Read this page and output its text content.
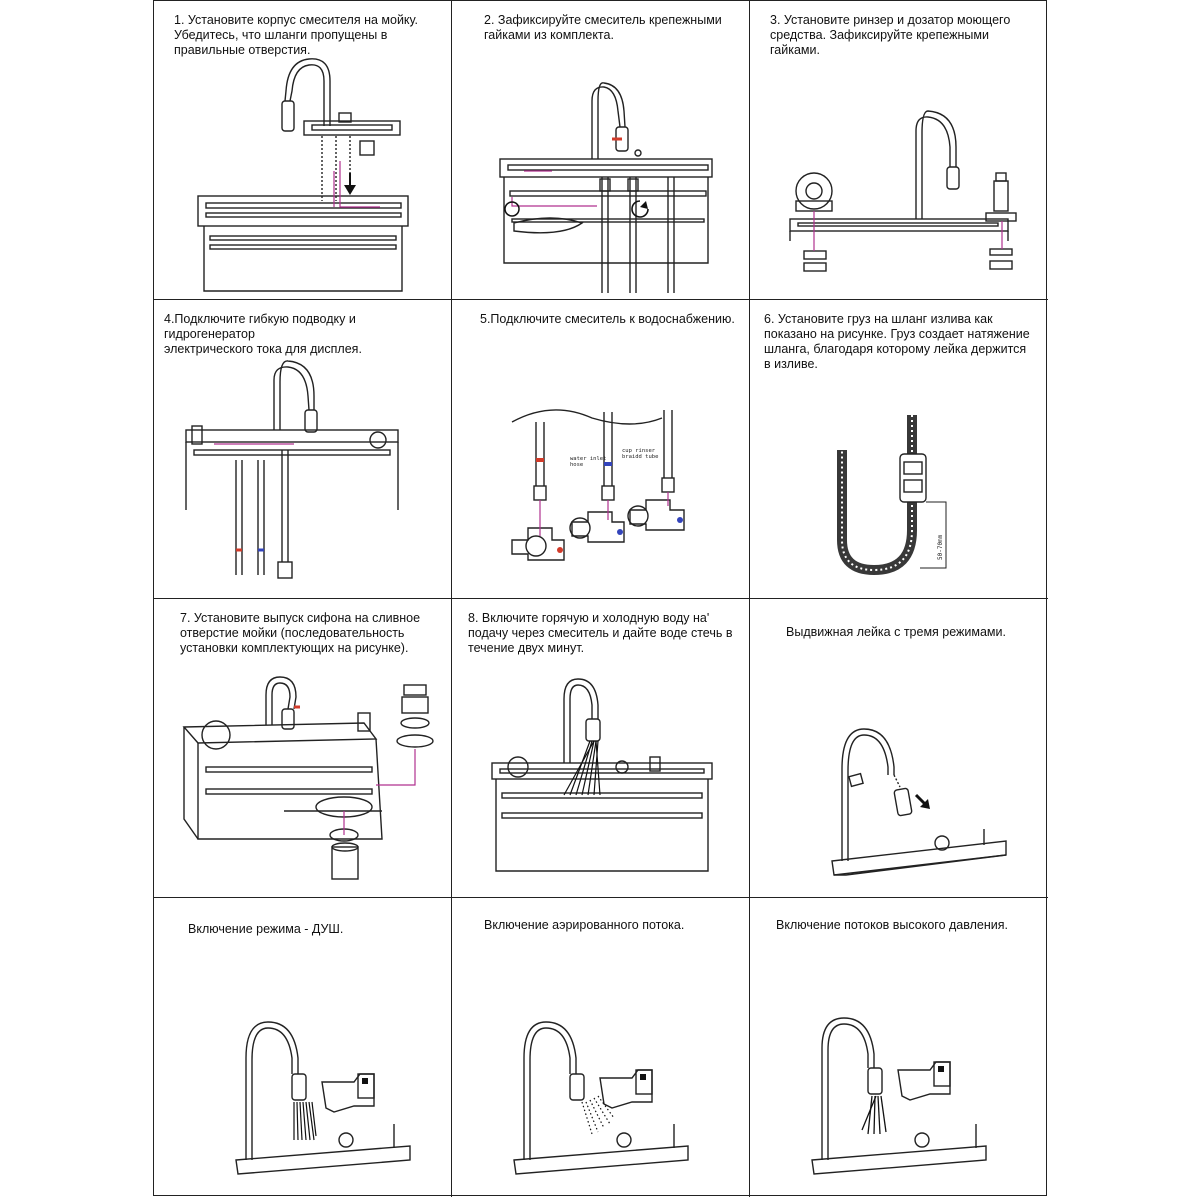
1. Установите корпус смесителя на мойку.
Убедитесь, что шланги пропущены в
правильные отверстия.
2. Зафиксируйте смеситель крепежными
гайками из комплекта.
3. Установите ринзер и дозатор моющего
средства. Зафиксируйте крепежными гайками.
4.Подключите гибкую подводку и гидрогенератор
электрического тока для дисплея.
5.Подключите смеситель к водоснабжению.
water inlet hose
cup rinser braidd tube
6. Установите груз на шланг излива как
показано на рисунке. Груз создает натяжение
шланга, благодаря которому лейка держится
в изливе.
50-70mm
7. Установите выпуск сифона на сливное
отверстие мойки (последовательность
установки комплектующих на рисунке).
8. Включите горячую и холодную воду на'
подачу через смеситель и дайте воде стечь в
течение двух минут.
Выдвижная лейка с тремя режимами.
Включение режима - ДУШ.	Включение аэрированного потока.	Включение потоков высокого давления.
